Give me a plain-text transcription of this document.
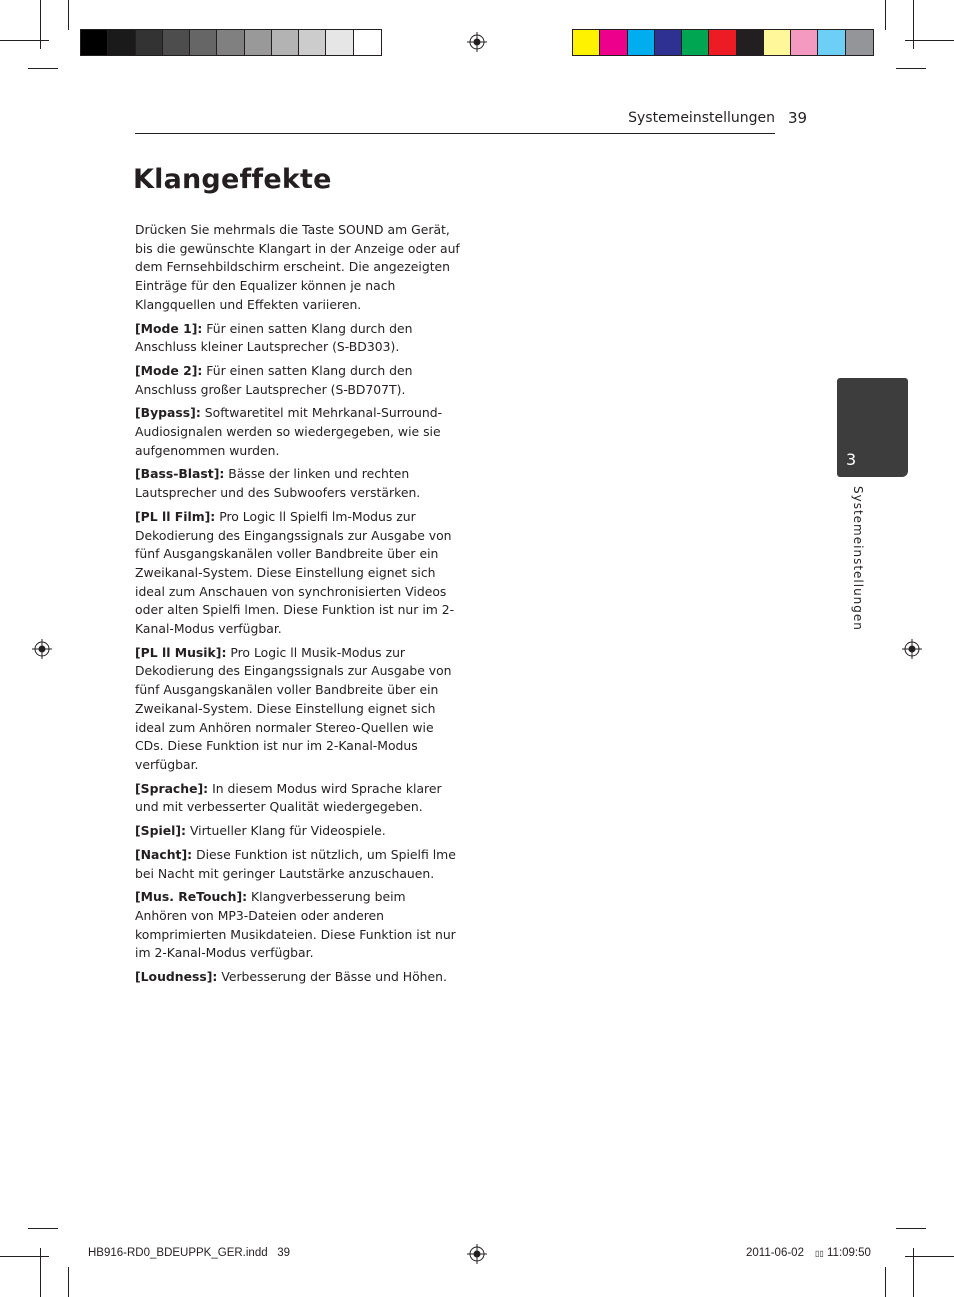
Systemeinstellungen 39
Klangeffekte

Drücken Sie mehrmals die Taste SOUND am Gerät, bis die gewünschte Klangart in der Anzeige oder auf dem Fernsehbildschirm erscheint. Die angezeigten Einträge für den Equalizer können je nach Klangquellen und Effekten variieren.

[Mode 1]: Für einen satten Klang durch den Anschluss kleiner Lautsprecher (S-BD303).

[Mode 2]: Für einen satten Klang durch den Anschluss großer Lautsprecher (S-BD707T).

[Bypass]: Softwaretitel mit Mehrkanal-Surround-Audiosignalen werden so wiedergegeben, wie sie aufgenommen wurden.

[Bass-Blast]: Bässe der linken und rechten Lautsprecher und des Subwoofers verstärken.

[PL ll Film]: Pro Logic ll Spielfi lm-Modus zur Dekodierung des Eingangssignals zur Ausgabe von fünf Ausgangskanälen voller Bandbreite über ein Zweikanal-System. Diese Einstellung eignet sich ideal zum Anschauen von synchronisierten Videos oder alten Spielfi lmen. Diese Funktion ist nur im 2-Kanal-Modus verfügbar.

[PL ll Musik]: Pro Logic ll Musik-Modus zur Dekodierung des Eingangssignals zur Ausgabe von fünf Ausgangskanälen voller Bandbreite über ein Zweikanal-System. Diese Einstellung eignet sich ideal zum Anhören normaler Stereo-Quellen wie CDs. Diese Funktion ist nur im 2-Kanal-Modus verfügbar.

[Sprache]: In diesem Modus wird Sprache klarer und mit verbesserter Qualität wiedergegeben.

[Spiel]: Virtueller Klang für Videospiele.

[Nacht]: Diese Funktion ist nützlich, um Spielfi lme bei Nacht mit geringer Lautstärke anzuschauen.

[Mus. ReTouch]: Klangverbesserung beim Anhören von MP3-Dateien oder anderen komprimierten Musikdateien. Diese Funktion ist nur im 2-Kanal-Modus verfügbar.

[Loudness]: Verbesserung der Bässe und Höhen.

3
Systemeinstellungen
HB916-RD0_BDEUPPK_GER.indd   39	2011-06-02 ▯▯ 11:09:50
